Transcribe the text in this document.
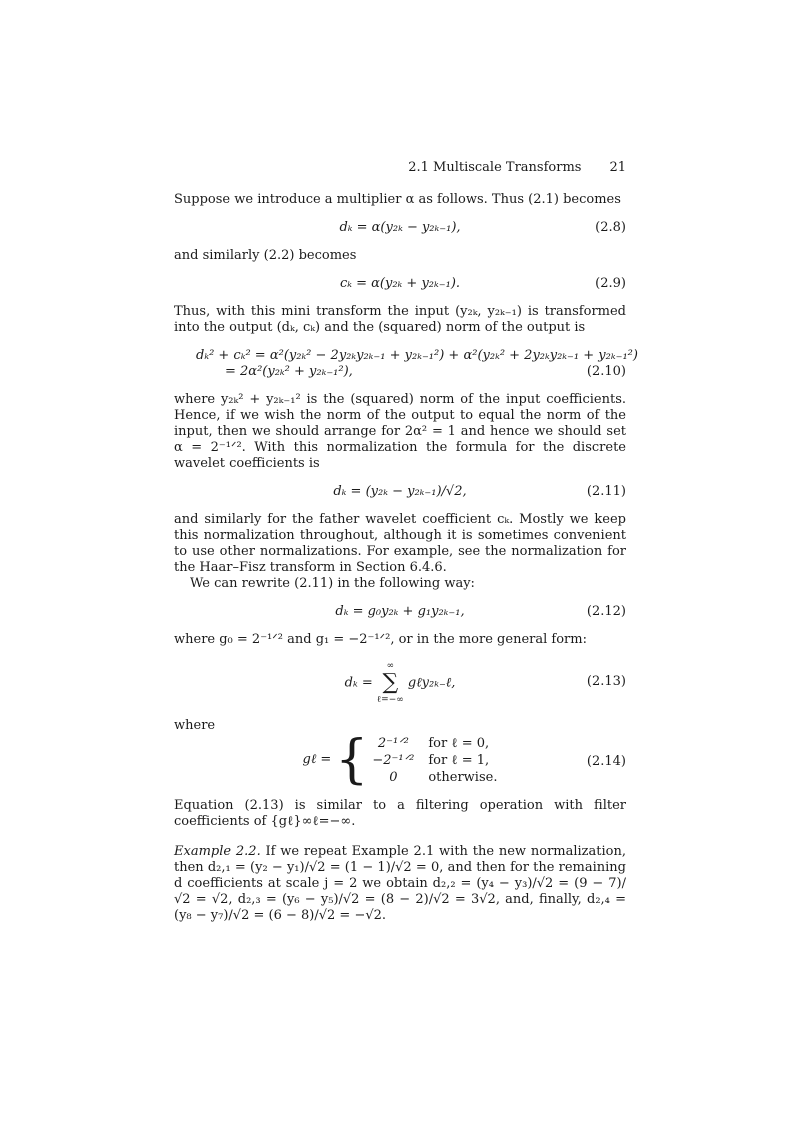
2.1 Multiscale Transforms 21

Suppose we introduce a multiplier α as follows. Thus (2.1) becomes

dₖ = α(y₂ₖ − y₂ₖ₋₁),	(2.8)

and similarly (2.2) becomes

cₖ = α(y₂ₖ + y₂ₖ₋₁).	(2.9)

Thus, with this mini transform the input (y₂ₖ, y₂ₖ₋₁) is transformed into the output (dₖ, cₖ) and the (squared) norm of the output is

dₖ² + cₖ² = α²(y₂ₖ² − 2y₂ₖy₂ₖ₋₁ + y₂ₖ₋₁²) + α²(y₂ₖ² + 2y₂ₖy₂ₖ₋₁ + y₂ₖ₋₁²)
= 2α²(y₂ₖ² + y₂ₖ₋₁²),	(2.10)

where y₂ₖ² + y₂ₖ₋₁² is the (squared) norm of the input coefficients. Hence, if we wish the norm of the output to equal the norm of the input, then we should arrange for 2α² = 1 and hence we should set α = 2⁻¹ᐟ². With this normalization the formula for the discrete wavelet coefficients is

dₖ = (y₂ₖ − y₂ₖ₋₁)/√2,	(2.11)

and similarly for the father wavelet coefficient cₖ. Mostly we keep this normalization throughout, although it is sometimes convenient to use other normalizations. For example, see the normalization for the Haar–Fisz transform in Section 6.4.6.

We can rewrite (2.11) in the following way:

dₖ = g₀y₂ₖ + g₁y₂ₖ₋₁,	(2.12)

where g₀ = 2⁻¹ᐟ² and g₁ = −2⁻¹ᐟ², or in the more general form:

dₖ =
∞
∑
ℓ=−∞
gℓy₂ₖ₋ℓ,	(2.13)

where

gℓ = { 2⁻¹ᐟ²	for ℓ = 0,
−2⁻¹ᐟ² for ℓ = 1,
0	otherwise.
(2.14)

Equation (2.13) is similar to a filtering operation with filter coefficients of {gℓ}∞ℓ=−∞.

Example 2.2. If we repeat Example 2.1 with the new normalization, then d₂,₁ = (y₂ − y₁)/√2 = (1 − 1)/√2 = 0, and then for the remaining d coefficients at scale j = 2 we obtain d₂,₂ = (y₄ − y₃)/√2 = (9 − 7)/√2 = √2, d₂,₃ = (y₆ − y₅)/√2 = (8 − 2)/√2 = 3√2, and, finally, d₂,₄ = (y₈ − y₇)/√2 = (6 − 8)/√2 = −√2.
